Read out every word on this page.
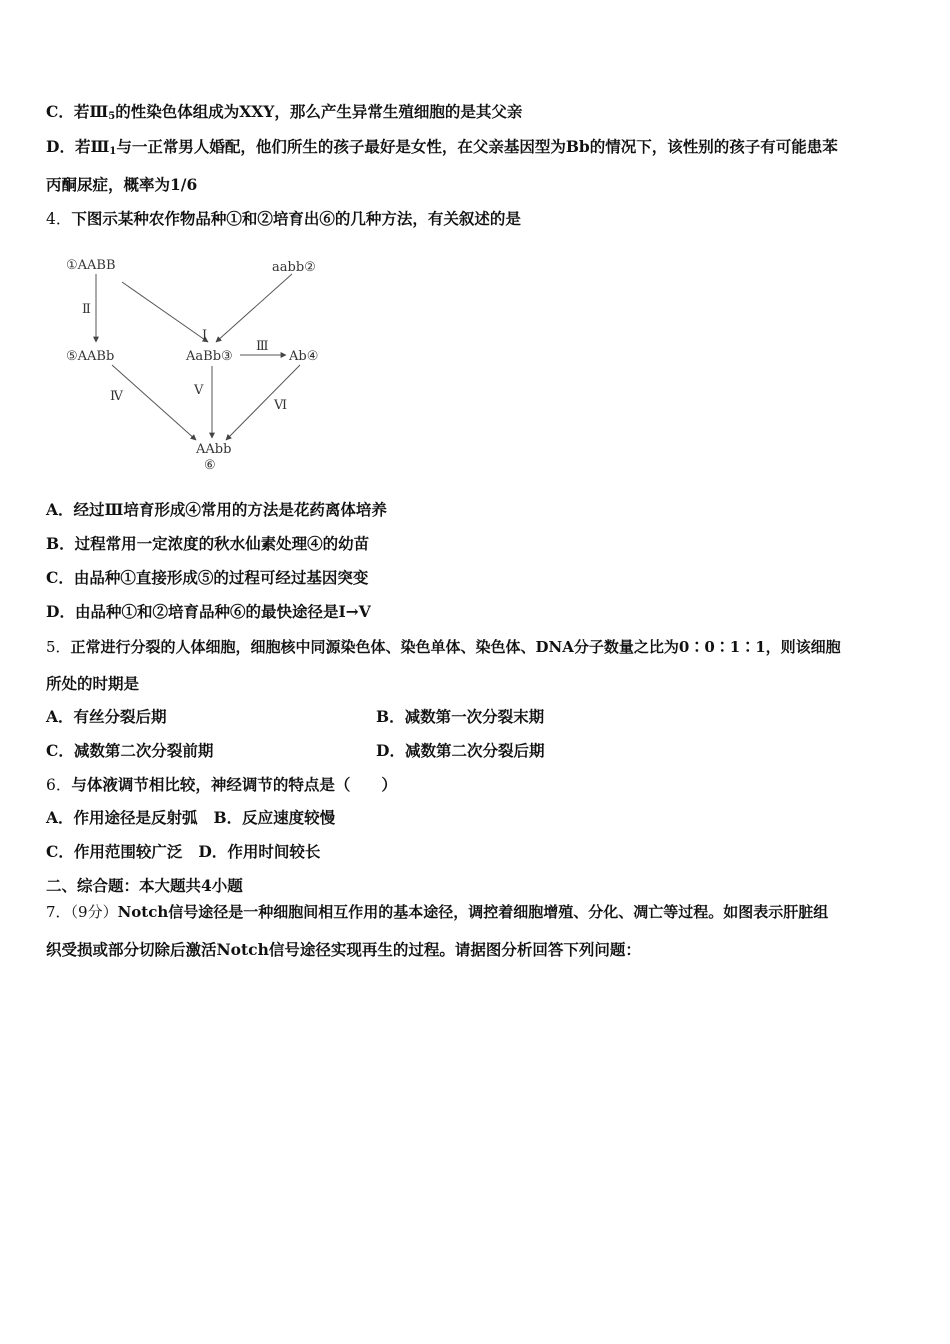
C．若$Ⅲ_5$的性染色体组成为XXY，那么产生异常生殖细胞的是其父亲
D．若$Ⅲ_1$与一正常男人婚配，他们所生的孩子最好是女性，在父亲基因型为Bb的情况下，该性别的孩子有可能患苯
丙酮尿症，概率为1/6
4．下图示某种农作物品种①和②培育出⑥的几种方法，有关叙述的是
①AABB	aabb②
⑤AABb	AaBb③	Ab④
AAbb
⑥
Ⅱ
Ⅰ
Ⅲ
Ⅳ	Ⅴ
Ⅵ
A．经过Ⅲ培育形成④常用的方法是花药离体培养
B．过程常用一定浓度的秋水仙素处理④的幼苗
C．由品种①直接形成⑤的过程可经过基因突变
D．由品种①和②培育品种⑥的最快途径是Ⅰ→Ⅴ
5．正常进行分裂的人体细胞，细胞核中同源染色体、染色单体、染色体、DNA分子数量之比为0∶0∶1∶1，则该细胞
所处的时期是
A．有丝分裂后期	B．减数第一次分裂末期
C．减数第二次分裂前期	D．减数第二次分裂后期
6．与体液调节相比较，神经调节的特点是（　　）
A．作用途径是反射弧 B．反应速度较慢
C．作用范围较广泛 D．作用时间较长
二、综合题：本大题共4小题
7．（9分）Notch信号途径是一种细胞间相互作用的基本途径，调控着细胞增殖、分化、凋亡等过程。如图表示肝脏组
织受损或部分切除后激活Notch信号途径实现再生的过程。请据图分析回答下列问题：
